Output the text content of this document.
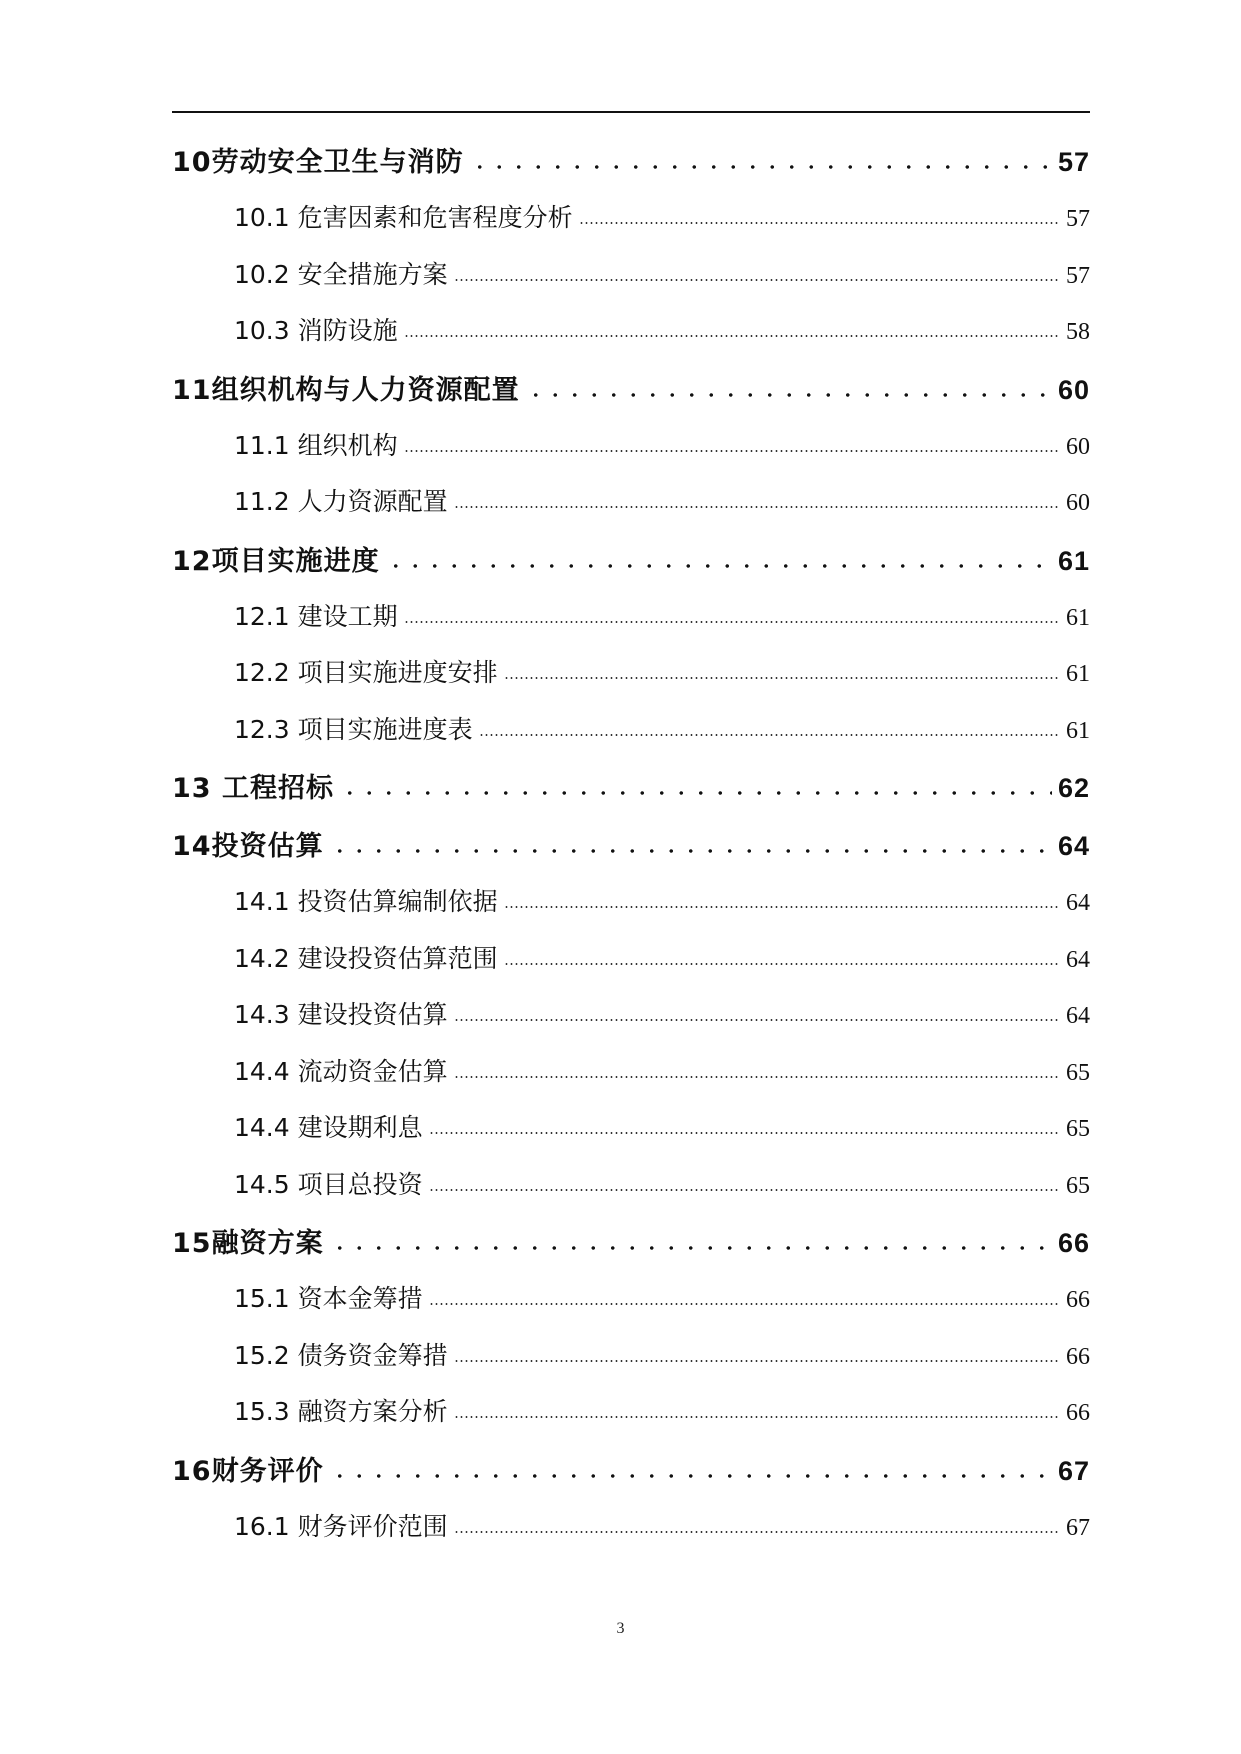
10劳动安全卫生与消防	57
10.1 危害因素和危害程度分析	57
10.2 安全措施方案	57
10.3 消防设施	58
11组织机构与人力资源配置	60
11.1 组织机构	60
11.2 人力资源配置	60
12项目实施进度	61
12.1 建设工期	61
12.2 项目实施进度安排	61
12.3 项目实施进度表	61
13 工程招标	62
14投资估算	64
14.1 投资估算编制依据	64
14.2 建设投资估算范围	64
14.3 建设投资估算	64
14.4 流动资金估算	65
14.4 建设期利息	65
14.5 项目总投资	65
15融资方案	66
15.1 资本金筹措	66
15.2 债务资金筹措	66
15.3 融资方案分析	66
16财务评价	67
16.1 财务评价范围	67
3
